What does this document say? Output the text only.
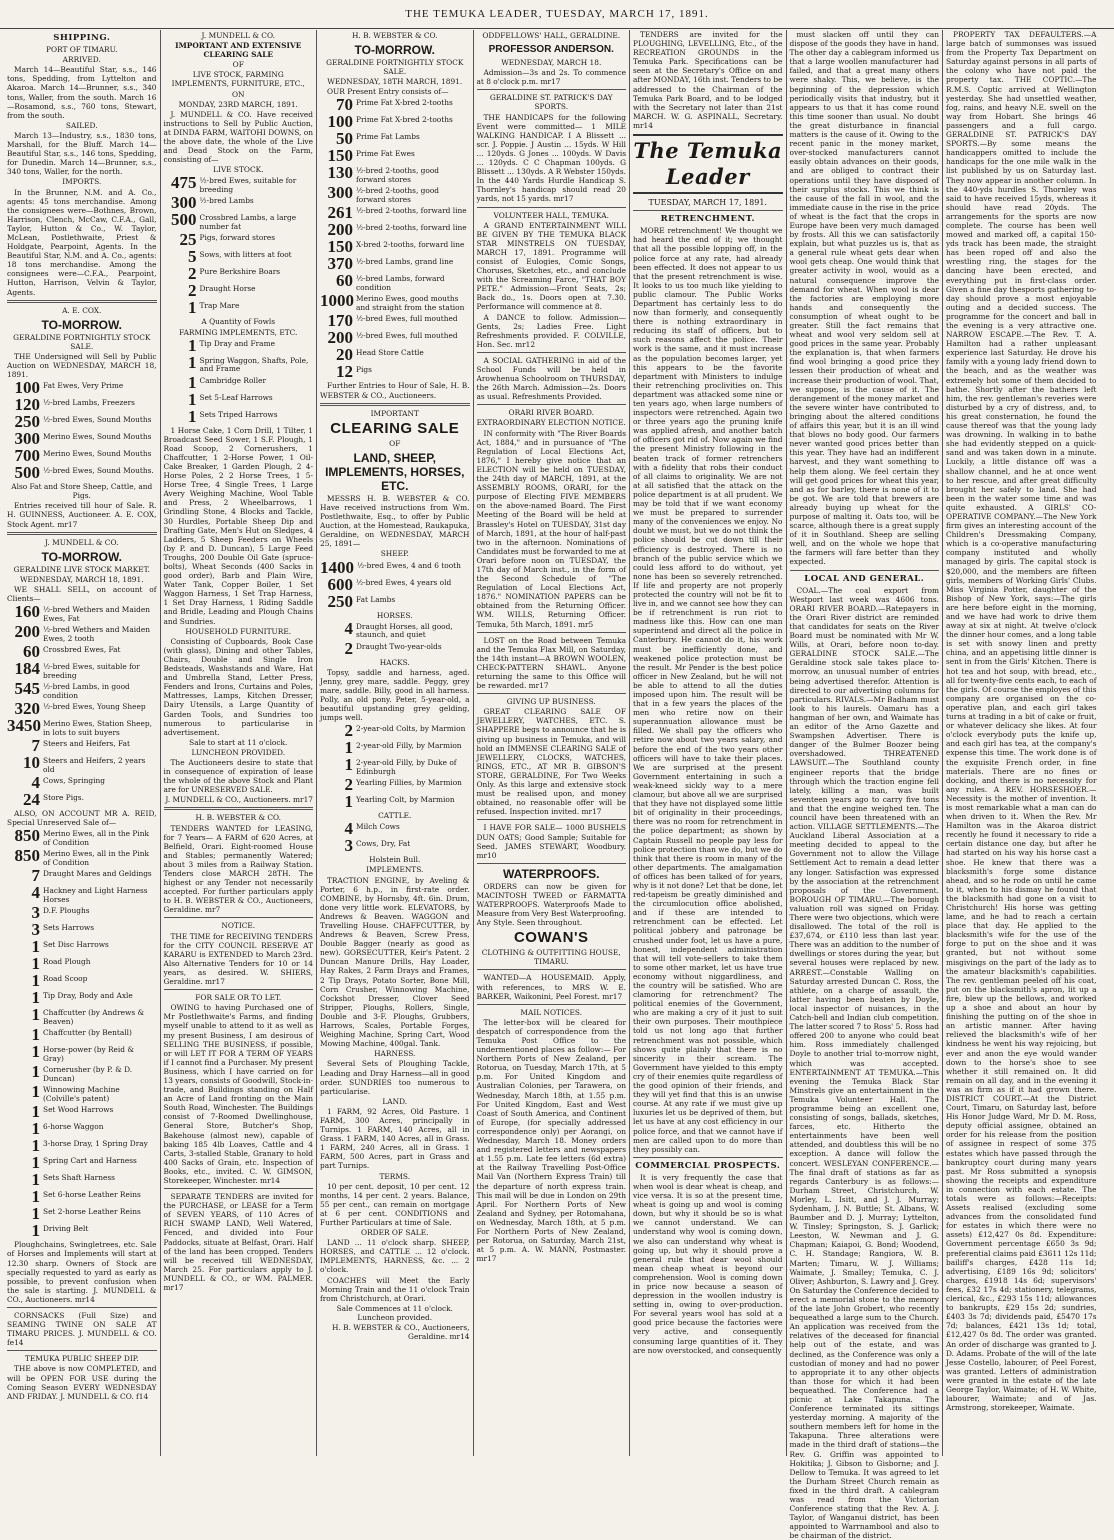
THE TEMUKA LEADER, TUESDAY, MARCH 17, 1891.
SHIPPING.
PORT OF TIMARU.
ARRIVED.

March 14—Beautiful Star, s.s., 146 tons, Spedding, from Lyttelton and Akaroa. March 14—Brunner, s.s., 340 tons, Waller, from the south. March 16—Rosamond, s.s., 760 tons, Stewart, from the south.

SAILED.

March 13—Industry, s.s., 1830 tons, Marshall, for the Bluff. March 14—Beautiful Star, s.s., 146 tons, Spedding, for Dunedin. March 14—Brunner, s.s., 340 tons, Waller, for the north.

IMPORTS.

In the Brunner, N.M. and A. Co., agents: 45 tons merchandise. Among the consignees were—Bothnes, Brown, Harrison, Clench, McCaw, C.F.A., Gall, Taylor, Hutton & Co., W. Taylor, McLean, Postlethwaite, Priest & Holdgate, Pearpoint, Agents. In the Beautiful Star, N.M. and A. Co., agents: 18 tons merchandise. Among the consignees were—C.F.A., Pearpoint, Hutton, Harrison, Velvin & Taylor, Agents.

A. E. COX.
TO-MORROW.
GERALDINE FORTNIGHTLY STOCK SALE.

THE Undersigned will Sell by Public Auction on WEDNESDAY, MARCH 18, 1891.

100 Fat Ewes, Very Prime
120 ½-bred Lambs, Freezers
250 ½-bred Ewes, Sound Mouths
300 Merino Ewes, Sound Mouths
700 Merino Ewes, Sound Mouths
500 ½-bred Ewes, Sound Mouths.
Also Fat and Store Sheep, Cattle, and Pigs.

Entries received till hour of Sale. R. H. GUINNESS, Auctioneer. A. E. COX, Stock Agent. mr17

J. MUNDELL & CO.
TO-MORROW.
GERALDINE LIVE STOCK MARKET.
WEDNESDAY, MARCH 18, 1891.

WE SHALL SELL, on account of Clients—

160 ½-bred Wethers and Maiden Ewes, Fat
200 ½-bred Wethers and Maiden Ewes, 2 tooth
60 Crossbred Ewes, Fat
184 ½-bred Ewes, suitable for breeding
545 ½-bred Lambs, in good condition
320 ½-bred Ewes, Young Sheep
3450 Merino Ewes, Station Sheep, in lots to suit buyers
7 Steers and Heifers, Fat
10 Steers and Heifers, 2 years old
4 Cows, Springing
24 Store Pigs.

ALSO, ON ACCOUNT MR A. REID, Special Unreserved Sale of—

850 Merino Ewes, all in the Pink of Condition
850 Merino Ewes, all in the Pink of Condition
7 Draught Mares and Geldings
4 Hackney and Light Harness Horses
3 D.F. Ploughs
3 Sets Harrows
1 Set Disc Harrows
1 Road Plough
1 Road Scoop
1 Tip Dray, Body and Axle
1 Chaffcutter (by Andrews & Beaven)
1 Chaffcutter (by Bentall)
1 Horse-power (by Reid & Gray)
1 Cornerusher (by P. & D. Duncan)
1 Winnowing Machine (Colville's patent)
1 Set Wood Harrows
1 6-horse Waggon
1 3-horse Dray, 1 Spring Dray
1 Spring Cart and Harness
1 Sets Shaft Harness
1 Set 6-horse Leather Reins
1 Set 2-horse Leather Reins
1 Driving Belt

Ploughchains, Swingletrees, etc. Sale of Horses and Implements will start at 12.30 sharp. Owners of Stock are specially requested to yard as early as possible, to prevent confusion when the sale is starting. J. MUNDELL & CO., Auctioneers. mr14

CORNSACKS (Full Size) and SEAMING TWINE ON SALE AT TIMARU PRICES. J. MUNDELL & CO. fe14

TEMUKA PUBLIC SHEEP DIP.

THE above is now COMPLETED, and will be OPEN FOR USE during the Coming Season EVERY WEDNESDAY AND FRIDAY. J. MUNDELL & CO. f14

J. MUNDELL & CO.
IMPORTANT AND EXTENSIVE CLEARING SALE
OF
LIVE STOCK, FARMING IMPLEMENTS, FURNITURE, ETC.,
ON
MONDAY, 23RD MARCH, 1891.

J. MUNDELL & CO. Have received instructions to Sell by Public Auction, at DINDA FARM, WAITOHI DOWNS, on the above date, the whole of the Live and Dead Stock on the Farm, consisting of—

LIVE STOCK.
475 ½-bred Ewes, suitable for breeding
300 ½-bred Lambs
500 Crossbred Lambs, a large number fat
25 Pigs, forward stores
5 Sows, with litters at foot
2 Pure Berkshire Boars
2 Draught Horse
1 Trap Mare
A Quantity of Fowls
FARMING IMPLEMENTS, ETC.
1 Tip Dray and Frame
1 Spring Waggon, Shafts, Pole, and Frame
1 Cambridge Roller
1 Set 5-Leaf Harrows
1 Sets Triped Harrows

1 Horse Cake, 1 Corn Drill, 1 Tilter, 1 Broadcast Seed Sower, 1 S.F. Plough, 1 Road Scoop, 2 Cornerushers, 1 Chaffcutter, 1 2-Horse Power, 1 Oil-Cake Breaker, 1 Garden Plough, 2 4-Horse Poles, 2 2 Horse Trees, 1 5-Horse Tree, 4 Single Trees, 1 Large Avery Weighing Machine, Wool Table and Press, 2 Wheelbarrows, 1 Grindling Stone, 4 Blocks and Tackle, 30 Hurdles, Portable Sheep Dip and Drafting Gate, Men's Hut on Sledges, 4 Ladders, 5 Sheep Feeders on Wheels (by P. and D. Duncan), 5 Large Feed Troughs, 200 Double Oil Gate (spruce-bolts), Wheat Seconds (400 Sacks in good order), Barb and Plain Wire, Water Tank, Copper Boiler, 1 Set Waggon Harness, 1 Set Trap Harness, 1 Set Dray Harness, 1 Riding Saddle and Bridle, Leading and Plough Chains and Sundries.

HOUSEHOLD FURNITURE.

Consisting of Cupboards, Book Case (with glass), Dining and other Tables, Chairs, Double and Single Iron Bedsteads, Washstands and Ware, Hat and Umbrella Stand, Letter Press, Fenders and Irons, Curtains and Poles, Mattresses, Lamps, Kitchen Dresser, Dairy Utensils, a Large Quantity of Garden Tools, and Sundries too numerous to particularise in advertisement.

Sale to start at 11 o'clock.
LUNCHEON PROVIDED.

The Auctioneers desire to state that in consequence of expiration of lease the whole of the above Stock and Plant are for UNRESERVED SALE.

J. MUNDELL & CO., Auctioneers. mr17
H. B. WEBSTER & CO.

TENDERS WANTED for LEASING, for 7 Years— A FARM of 620 Acres, at Belfield, Orari. Eight-roomed House and Stables; permanently Watered; about 3 miles from a Railway Station. Tenders close MARCH 28TH. The highest or any Tender not necessarily accepted. For further particulars apply to H. B. WEBSTER & CO., Auctioneers, Geraldine. mr7

NOTICE.

THE TIME for RECEIVING TENDERS for the CITY COUNCIL RESERVE AT KARARU is EXTENDED to March 23rd. Also Alternative Tenders for 10 or 14 years, as desired. W. SHIERS, Geraldine. mr17

FOR SALE OR TO LET.

OWING to having Purchased one of Mr Postlethwaite's Farms, and finding myself unable to attend to it as well as my present Business, I am desirous of SELLING THE BUSINESS, if possible, or will LET IT FOR A TERM OF YEARS if I cannot find a Purchaser. My present Business, which I have carried on for 13 years, consists of Goodwill, Stock-in-trade, and Buildings standing on Half an Acre of Land fronting on the Main South Road, Winchester. The Buildings consist of 7-Roomed Dwellinghouse, General Store, Butcher's Shop, Bakehouse (almost new), capable of baking 185 4lb Loaves, Cattle and 4 Carts, 3-stalled Stable, Granary to hold 400 Sacks of Grain, etc. Inspection of Books, etc., invited. C. W. GIMSON, Storekeeper, Winchester. mr14

SEPARATE TENDERS are invited for the PURCHASE, or LEASE for a Term of SEVEN YEARS, of 110 Acres of RICH SWAMP LAND, Well Watered, Fenced, and divided into Four Paddocks, situate at Belfast, Orari. Half of the land has been cropped. Tenders will be received till WEDNESDAY, March 25. For particulars apply to J. MUNDELL & CO., or WM. PALMER. mr17

H. B. WEBSTER & CO.
TO-MORROW.
GERALDINE FORTNIGHTLY STOCK SALE.
WEDNESDAY, 18TH MARCH, 1891.

OUR Present Entry consists of—

70 Prime Fat X-bred 2-tooths
100 Prime Fat X-bred 2-tooths
50 Prime Fat Lambs
150 Prime Fat Ewes
130 ½-bred 2-tooths, good forward stores
300 ½-bred 2-tooths, good forward stores
261 ½-bred 2-tooths, forward line
200 ½-bred 2-tooths, forward line
150 X-bred 2-tooths, forward line
370 ½-bred Lambs, grand line
60 ½-bred Lambs, forward condition
1000 Merino Ewes, good mouths and straight from the station
170 ½-bred Ewes, full mouthed
200 ½-bred Ewes, full mouthed
20 Head Store Cattle
12 Pigs

Further Entries to Hour of Sale, H. B. WEBSTER & CO., Auctioneers.

IMPORTANT
CLEARING SALE
OF
LAND, SHEEP, IMPLEMENTS, HORSES, ETC.

MESSRS H. B. WEBSTER & CO. Have received instructions from Wm. Postlethwaite, Esq., to offer by Public Auction, at the Homestead, Raukapuka, Geraldine, on WEDNESDAY, MARCH 25, 1891—

SHEEP.
1400 ½-bred Ewes, 4 and 6 tooth
600 ½-bred Ewes, 4 years old
250 Fat Lambs
HORSES.
4 Draught Horses, all good, staunch, and quiet
2 Draught Two-year-olds
HACKS.

Topsy, saddle and harness, aged. Jenny, grey mare, saddle. Peggy, grey mare, saddle. Billy, good in all harness. Polly, an old pony. Peter, 5-year-old, a beautiful upstanding grey gelding, jumps well.

2 2-year-old Colts, by Marmion
1 2-year-old Filly, by Marmion
1 2-year-old Filly, by Duke of Edinburgh
2 Yearling Fillies, by Marmion
1 Yearling Colt, by Marmion
CATTLE.
4 Milch Cows
3 Cows, Dry, Fat
Holstein Bull.
IMPLEMENTS.

TRACTION ENGINE, by Aveling & Porter, 6 h.p., in first-rate order. COMBINE, by Hornsby, 4ft. 6in. Drum, done very little work. ELEVATORS, by Andrews & Beaven. WAGGON and Travelling House. CHAFFCUTTER, by Andrews & Beaven, Screw Press, Double Bagger (nearly as good as new). GORSECUTTER, Keir's Patent. 2 Duncan Manure Drills, Hay Loader, Hay Rakes, 2 Farm Drays and Frames, 2 Tip Drays, Potato Sorter, Bone Mill, Corn Crusher, Winnowing Machine, Cockshot Dresser, Clover Seed Stripper, Ploughs, Rollers, Single, Double and 3-F. Ploughs, Grubbers, Harrows, Scales, Portable Forges, Weighing Machine, Spring Cart, Wood Mowing Machine, 400gal. Tank.

HARNESS.

Several Sets of Ploughing Tackle, Leading and Dray Harness—all in good order. SUNDRIES too numerous to particularise.

LAND.

1 FARM, 92 Acres, Old Pasture. 1 FARM, 300 Acres, principally in Turnips. 1 FARM, 140 Acres, all in Grass. 1 FARM, 140 Acres, all in Grass. 1 FARM, 240 Acres, all in Grass. 1 FARM, 500 Acres, part in Grass and part Turnips.

TERMS.

10 per cent. deposit, 10 per cent. 12 months, 14 per cent. 2 years. Balance, 55 per cent., can remain on mortgage at 6 per cent. CONDITIONS and Further Particulars at time of Sale.

ORDER OF SALE.

LAND ... 11 o'clock sharp. SHEEP, HORSES, and CATTLE ... 12 o'clock. IMPLEMENTS, HARNESS, &c. ... 2 o'clock.

COACHES will Meet the Early Morning Train and the 11 o'clock Train from Christchurch, at Orari.

Sale Commences at 11 o'clock. Luncheon provided.
H. B. WEBSTER & CO., Auctioneers, Geraldine. mr14
ODDFELLOWS' HALL, GERALDINE.
PROFESSOR ANDERSON.
WEDNESDAY, MARCH 18.

Admission—3s and 2s. To commence at 8 o'clock p.m. mr17

GERALDINE ST. PATRICK'S DAY SPORTS.

THE HANDICAPS for the following Event were committed— 1 MILE WALKING HANDICAP. I A Blissett ... scr. J. Poppie. J Austin ... 15yds. W Hill ... 120yds. G Jones ... 100yds. W Davis ... 120yds. C C Chapman 100yds. G Blissett ... 130yds. A R Webster 150yds. In the 440 Yards Hurdle Handicap S. Thornley's handicap should read 20 yards, not 15 yards. mr17

VOLUNTEER HALL, TEMUKA.

A GRAND ENTERTAINMENT WILL BE GIVEN BY THE TEMUKA BLACK STAR MINSTRELS ON TUESDAY, MARCH 17, 1891. Programme will consist of Eulogies, Comic Songs, Choruses, Sketches, etc., and conclude with the Screaming Farce, "THAT BOY PETE." Admission—Front Seats, 2s; Back do., 1s. Doors open at 7.30. Performance will commence at 8.

A DANCE to follow. Admission—Gents, 2s; Ladies Free. Light Refreshments provided. F. COLVILLE, Hon. Sec. mr12

A SOCIAL GATHERING in aid of the School Funds will be held in Arowhenua Schoolroom on THURSDAY, the 26th March. Admission—2s. Doors as usual. Refreshments Provided.

ORARI RIVER BOARD.
EXTRAORDINARY ELECTION NOTICE.

IN conformity with "The River Boards Act, 1884," and in pursuance of "The Regulation of Local Elections Act, 1876," I hereby give notice that an ELECTION will be held on TUESDAY, the 24th day of MARCH, 1891, at the ASSEMBLY ROOMS, ORARI, for the purpose of Electing FIVE MEMBERS on the above-named Board. The First Meeting of the Board will be held at Brassley's Hotel on TUESDAY, 31st day of March, 1891, at the hour of half-past two in the afternoon. Nominations of Candidates must be forwarded to me at Orari before noon on TUESDAY, the 17th day of March inst., in the form of the Second Schedule of "The Regulation of Local Elections Act, 1876." NOMINATION PAPERS can be obtained from the Returning Officer. WM. WILLS, Returning Officer. Temuka, 5th March, 1891. mr5

LOST on the Road between Temuka and the Temuka Flax Mill, on Saturday, the 14th instant—A BROWN WOOLEN, CHECK-PATTERN SHAWL. Anyone returning the same to this Office will be rewarded. mr17

GIVING UP BUSINESS.

GREAT CLEARING SALE OF JEWELLERY, WATCHES, ETC. S. SHAPPERE begs to announce that he is giving up business in Temuka, and will hold an IMMENSE CLEARING SALE of JEWELLERY, CLOCKS, WATCHES, RINGS, ETC., AT MR B. GIBSON'S STORE, GERALDINE, For Two Weeks Only. As this large and extensive stock must be realised upon, and money obtained, no reasonable offer will be refused. Inspection invited. mr17

I HAVE FOR SALE— 1000 BUSHELS DUN OATS; Good Sample; Suitable for Seed. JAMES STEWART, Woodbury. mr10

WATERPROOFS.

ORDERS can now be given for MACINTOSH TWEED or FARMATTA WATERPROOFS. Waterproofs Made to Measure from Very Best Waterproofing. Any Style. Seen throughout.

COWAN'S
CLOTHING & OUTFITTING HOUSE, TIMARU.

WANTED—A HOUSEMAID. Apply, with references, to MRS W. E. BARKER, Waikonini, Peel Forest. mr17

MAIL NOTICES.

The letter-box will be cleared for despatch of correspondence from the Temuka Post Office to the undermentioned places as follow:— For Northern Ports of New Zealand, per Rotorua, on Tuesday, March 17th, at 5 p.m. For United Kingdom and Australian Colonies, per Tarawera, on Wednesday, March 18th, at 1.55 p.m. For United Kingdom, East and West Coast of South America, and Continent of Europe, (for specially addressed correspondence only) per Aorangi, on Wednesday, March 18. Money orders and registered letters and newspapers at 1.55 p.m. Late fee letters (6d extra) at the Railway Travelling Post-Office Mail Van (Northern Express Train) till the departure of north express train. This mail will be due in London on 29th April. For Northern Ports of New Zealand and Sydney, per Rotomahana, on Wednesday, March 18th, at 5 p.m. For Northern Ports of New Zealand, per Rotorua, on Saturday, March 21st, at 5 p.m. A. W. MANN, Postmaster. mr17

TENDERS are invited for the PLOUGHING, LEVELLING, Etc., of the RECREATION GROUNDS in the Temuka Park. Specifications can be seen at the Secretary's Office on and after MONDAY, 16th inst. Tenders to be addressed to the Chairman of the Temuka Park Board, and to be lodged with the Secretary not later than 21st MARCH. W. G. ASPINALL, Secretary. mr14

The Temuka Leader
TUESDAY, MARCH 17, 1891.
RETRENCHMENT.

MORE retrenchment! We thought we had heard the end of it; we thought that all the possible lopping off, in the police force at any rate, had already been effected. It does not appear to us that the present retrenchment is wise. It looks to us too much like yielding to public clamour. The Public Works Department has certainly less to do now than formerly, and consequently there is nothing extraordinary in reducing its staff of officers, but to such reasons affect the police. Their work is the same, and it must increase as the population becomes larger, yet this appears to be the favorite department with Ministers to indulge their retrenching proclivities on. This department was attacked some nine or ten years ago, when large numbers of inspectors were retrenched. Again two or three years ago the pruning knife was applied afresh, and another batch of officers got rid of. Now again we find the present Ministry following in the beaten track of former retrenchers with a fidelity that robs their conduct of all claims to originality. We are not at all satisfied that the attack on the police department is at all prudent. We may be told that if we want economy we must be prepared to surrender many of the conveniences we enjoy. No doubt we must, but we do not think the police should be cut down till their efficiency is destroyed. There is no branch of the public service which we could less afford to do without, yet none has been so severely retrenched. If life and property are not properly protected the country will not be fit to live in, and we cannot see how they can be if retrenchment is run riot to madness like this. How can one man superintend and direct all the police in Canterbury. He cannot do it, his work must be inefficiently done, and weakened police protection must be the result. Mr Pender is the best police officer in New Zealand, but he will not be able to attend to all the duties imposed upon him. The result will be that in a few years the places of the men who retire now on their superannuation allowance must be filled. We shall pay the officers who retire now about two years salary, and before the end of the two years other officers will have to take their places. We are surprised at the present Government entertaining in such a weak-kneed sickly way to a mere clamour, but above all we are surprised that they have not displayed some little bit of originality in their proceedings, there was no room for retrenchment in the police department; as shown by Captain Russell no people pay less for police protection than we do, but we do think that there is room in many of the other departments. The amalgamation of offices has been talked of for years, why is it not done? Let that be done, let red-tapeism be greatly diminished and the circumlocution office abolished, and if these are intended to retrenchment can be effected. Let political jobbery and patronage be crushed under foot, let us have a pure, honest, independent administration that will tell vote-sellers to take them to some other market, let us have true economy without niggardliness, and the country will be satisfied. Who are clamoring for retrenchment? The political enemies of the Government, who are making a cry of it just to suit their own purposes. Their mouthpiece told us not long ago that further retrenchment was not possible, which shows quite plainly that there is no sincerity in their scream. The Government have yielded to this empty cry of their enemies quite regardless of the good opinion of their friends, and they will yet find that this is an unwise course. At any rate if we must give up luxuries let us be deprived of them, but let us have at any cost efficiency in our police force, and that we cannot have if men are called upon to do more than they possibly can.

COMMERCIAL PROSPECTS.

It is very frequently the case that when wool is dear wheat is cheap, and vice versa. It is so at the present time, wheat is going up and wool is coming down, but why it should be so is what we cannot understand. We can understand why wool is coming down, we also can understand why wheat is going up, but why it should prove a general rule that dear wool should mean cheap wheat is beyond our comprehension. Wool is coming down in price now because a season of depression in the woollen industry is setting in, owing to over-production. For several years wool has sold at a good price because the factories were very active, and consequently consuming large quantities of it. They are now overstocked, and consequently

must slacken off until they can dispose of the goods they have in hand. The other day a cablegram informed us that a large woollen manufacturer had failed, and that a great many others were shaky. This, we believe, is the beginning of the depression which periodically visits that industry, but it appears to us that it has come round this time sooner than usual. No doubt the great disturbance in financial matters is the cause of it. Owing to the recent panic in the money market, over-stocked manufacturers cannot easily obtain advances on their goods, and are obliged to contract their operations until they have disposed of their surplus stocks. This we think is the cause of the fall in wool, and the immediate cause in the rise in the price of wheat is the fact that the crops in Europe have been very much damaged by frosts. All this we can satisfactorily explain, but what puzzles us is, that as a general rule wheat gets dear when wool gets cheap. One would think that greater activity in wool, would as a natural consequence improve the demand for wheat. When wool is dear the factories are employing more hands and consequently the consumption of wheat ought to be greater. Still the fact remains that wheat and wool very seldom sell at good prices in the same year. Probably the explanation is, that when farmers find wool bringing a good price they lessen their production of wheat and increase their production of wool. That, we suppose, is the cause of it. The derangement of the money market and the severe winter have contributed to bringing about the altered conditions of affairs this year, but it is an ill wind that blows no body good. Our farmers never wanted good prices better than this year. They have had an indifferent harvest, and they want something to help them along. We feel certain they will get good prices for wheat this year, and as for barley, there is none of it to be got. We are told that brewers are already buying up wheat for the purpose of malting it. Oats too, will be scarce, although there is a great supply of it in Southland. Sheep are selling well, and on the whole we hope that the farmers will fare better than they expected.

LOCAL AND GENERAL.

COAL.—The coal export from Westport last week was 4606 tons. ORARI RIVER BOARD.—Ratepayers in the Orari River district are reminded that candidates for seats on the River Board must be nominated with Mr W. Wills, at Orari, before noon to-day. GERALDINE STOCK SALE.—The Geraldine stock sale takes place to-morrow, an unusual number of entries being advertised therefor. Attention is directed to our advertising columns for particulars. RIVALS.—Mr Badham must look to his laurels. Oamaru has a hangman of her own, and Waimate has an editor of the Arno Gazette and Swampshen Advertiser. There is danger of the Bulmer Boozer being overshadowed. THREATENED LAWSUIT.—The Southland county engineer reports that the bridge through which the traction engine fell lately, killing a man, was built seventeen years ago to carry five tons and that the engine weighed ten. The council have been threatened with an action. VILLAGE SETTLEMENTS.—The Auckland Liberal Association at a meeting decided to appeal to the Government not to allow the Village Settlement Act to remain a dead letter any longer. Satisfaction was expressed by the association at the retrenchment proposals of the Government. BOROUGH OF TIMARU.—The borough valuation roll was signed on Friday. There were two objections, which were disallowed. The total of the roll is £37,674, or £110 less than last year. There was an addition to the number of dwellings or stores during the year, but several houses were replaced by new. ARREST.—Constable Walling on Saturday arrested Duncan C. Ross, the athlete, on a charge of assault, the latter having been beaten by Doyle, local inspector of nuisances, in the Catch-bell and Indian club competition. The latter scored 7 to Ross' 5. Ross had offered 200 to anyone who could beat him. Ross immediately challenged Doyle to another trial to-morrow night, which was accepted. ENTERTAINMENT AT TEMUKA.—This evening the Temuka Black Star Minstrels give an entertainment in the Temuka Volunteer Hall. The programme being an excellent one, consisting of songs, ballads, sketches, farces, etc. Hitherto the entertainments have been well attended, and doubtless this will be no exception. A dance will follow the concert. WESLEYAN CONFERENCE.—The final draft of stations as far as regards Canterbury is as follows:—Durham Street, Christchurch, W. Morley, L. Isitt, and J. J. Murray; Sydenham, J. N. Buttle; St. Albans, W. Baumber and D. J. Murray; Lyttelton, W. Tinsley; Springston, S. J. Garlick; Leeston, W. Newman and J. G. Chapman; Kaiapoi, G. Bond; Woodend, C. H. Standage; Rangiora, W. B. Marten; Timaru, W. J. Williams; Waimate, J. Smalley; Temuka, C. J. Oliver; Ashburton, S. Lawry and J. Grey. On Saturday the Conference decided to erect a memorial stone to the memory of the late John Grobert, who recently bequeathed a large sum to the Church. An application was received from the relatives of the deceased for financial help out of the estate, and was declined, as the Conference was only a custodian of money and had no power to appropriate it to any other objects than those for which it had been bequeathed. The Conference had a picnic at Lake Takapuna. The Conference terminated its sittings yesterday morning. A majority of the southern members left for home in the Takapuna. Three alterations were made in the third draft of stations—the Rev. G. Griffin was appointed to Hokitika; J. Gibson to Gisborne; and J. Dellow to Temuka. It was agreed to let the Durham Street Church remain as fixed in the third draft. A cablegram was read from the Victorian Conference stating that the Rev. A. J. Taylor, of Wanganui district, has been appointed to Warrnambool and also to be chairman of the district.

PROPERTY TAX DEFAULTERS.—A large batch of summonses was issued from the Property Tax Department on Saturday against persons in all parts of the colony who have not paid the property tax. THE COPTIC.—The R.M.S. Coptic arrived at Wellington yesterday. She had unsettled weather, fog, rains, and heavy N.E. swell on the way from Hobart. She brings 46 passengers and a full cargo. GERALDINE ST. PATRICK'S DAY SPORTS.—By some means the handicappers omitted to include the handicaps for the one mile walk in the list published by us on Saturday last. They now appear in another column. In the 440-yds hurdles S. Thornley was said to have received 15yds, whereas it should have read 20yds. The arrangements for the sports are now complete. The course has been well mowed and marked off, a capital 150-yds track has been made, the straight has been roped off and also the wrestling ring, the stages for the dancing have been erected, and everything put in first-class order. Given a fine day thesports gathering to-day should prove a most enjoyable outing and a decided success. The programme for the concert and ball in the evening is a very attractive one. NARROW ESCAPE.—The Rev. T. A. Hamilton had a rather unpleasant experience last Saturday. He drove his family with a young lady friend down to the beach, and as the weather was extremely hot some of them decided to bathe. Shortly after the bathers left him, the rev. gentleman's reveries were disturbed by a cry of distress, and, to his great consternation, he found the cause thereof was that the young lady was drowning. In walking in to bathe she had evidently stepped on a quick-sand and was taken down in a minute. Luckily, a little distance off was a shallow channel, and he at once went to her rescue, and after great difficulty brought her safely to land. She had been in the water some time and was quite exhausted. A GIRLS' CO-OPERATIVE COMPANY.—The New York firm gives an interesting account of the Children's Dressmaking Company, which is a co-operative manufacturing company instituted and wholly managed by girls. The capital stock is $20,000, and the members are fifteen girls, members of Working Girls' Clubs. Miss Virginia Potter, daughter of the Bishop of New York, says:—The girls are here before eight in the morning, and we have had work to drive them away at six at night. At twelve o'clock the dinner hour comes, and a long table is set with snowy linen and pretty china, and an appetising little dinner is sent in from the Girls' Kitchen. There is hot tea and hot soup, with bread, etc., all for twenty-five cents each, to each of the girls. Of course the employes of this company are organised on the co-operative plan, and each girl takes turns at trading in a bit of cake or fruit, or whatever delicacy she likes. At four o'clock everybody puts the knife up, and each girl has tea, at the company's expense this time. The work done is of the exquisite French order, in fine materials. There are no fines or docking, and there is no necessity for any rules. A REV. HORSESHOER.—Necessity is the mother of invention. It is most remarkable what a man can do when driven to it. When the Rev. Mr Hamilton was in the Akaroa district recently he found it necessary to ride a certain distance one day, but after he had started on his way his horse cast a shoe. He knew that there was a blacksmith's forge some distance ahead, and so he rode on until he came to it, when to his dismay he found that the blacksmith had gone on a visit to Christchurch! His horse was getting lame, and he had to reach a certain place that day. He applied to the blacksmith's wife for the use of the forge to put on the shoe and it was granted, but not without some misgivings on the part of the lady as to the amateur blacksmith's capabilities. The rev. gentleman peeled off his coat, put on the blacksmith's apron, lit up a fire, blew up the bellows, and worked up a shoe and about an hour by finishing the putting on of the shoe in an artistic manner. After having relieved the blacksmith's wife of her kindness he went his way rejoicing, but ever and anon the eye would wander down to the horse's shoe to see whether it still remained on. It did remain on all day, and in the evening it was as firm as if it had grown there. DISTRICT COURT.—At the District Court, Timaru, on Saturday last, before His Honor Judge Ward, Mr D. M. Ross, deputy official assignee, obtained an order for his release from the position of assignee in respect of some 375 estates which have passed through the bankruptcy court during many years past. Mr Ross submitted a synopsis showing the receipts and expenditure in connection with each estate. The totals were as follows:—Receipts: Assets realised (excluding some advances from the consolidated fund for estates in which there were no assets) £12,427 0s 8d. Expenditure: Government percentage £650 3s 9d; preferential claims paid £3611 12s 11d; bailiff's charges, £428 11s 1d; advertising, £189 16s 9d; solicitors' charges, £1918 14s 6d; supervisors' fees, £32 17s 4d; stationery, telegrams, clerical, &c., £293 15s 11d; allowances to bankrupts, £29 15s 2d; sundries, £403 3s 7d; dividends paid, £5470 17s 7d; balances, £421 13s 1d; total, £12,427 0s 8d. The order was granted. An order of discharge was granted to J. D. Adams. Probate of the will of the late Jesse Costello, labourer, of Peel Forest, was granted. Letters of administration were granted in the estate of the late George Taylor, Waimate; of H. W. White, labourer, Waimate; and of Jas. Armstrong, storekeeper, Waimate.
